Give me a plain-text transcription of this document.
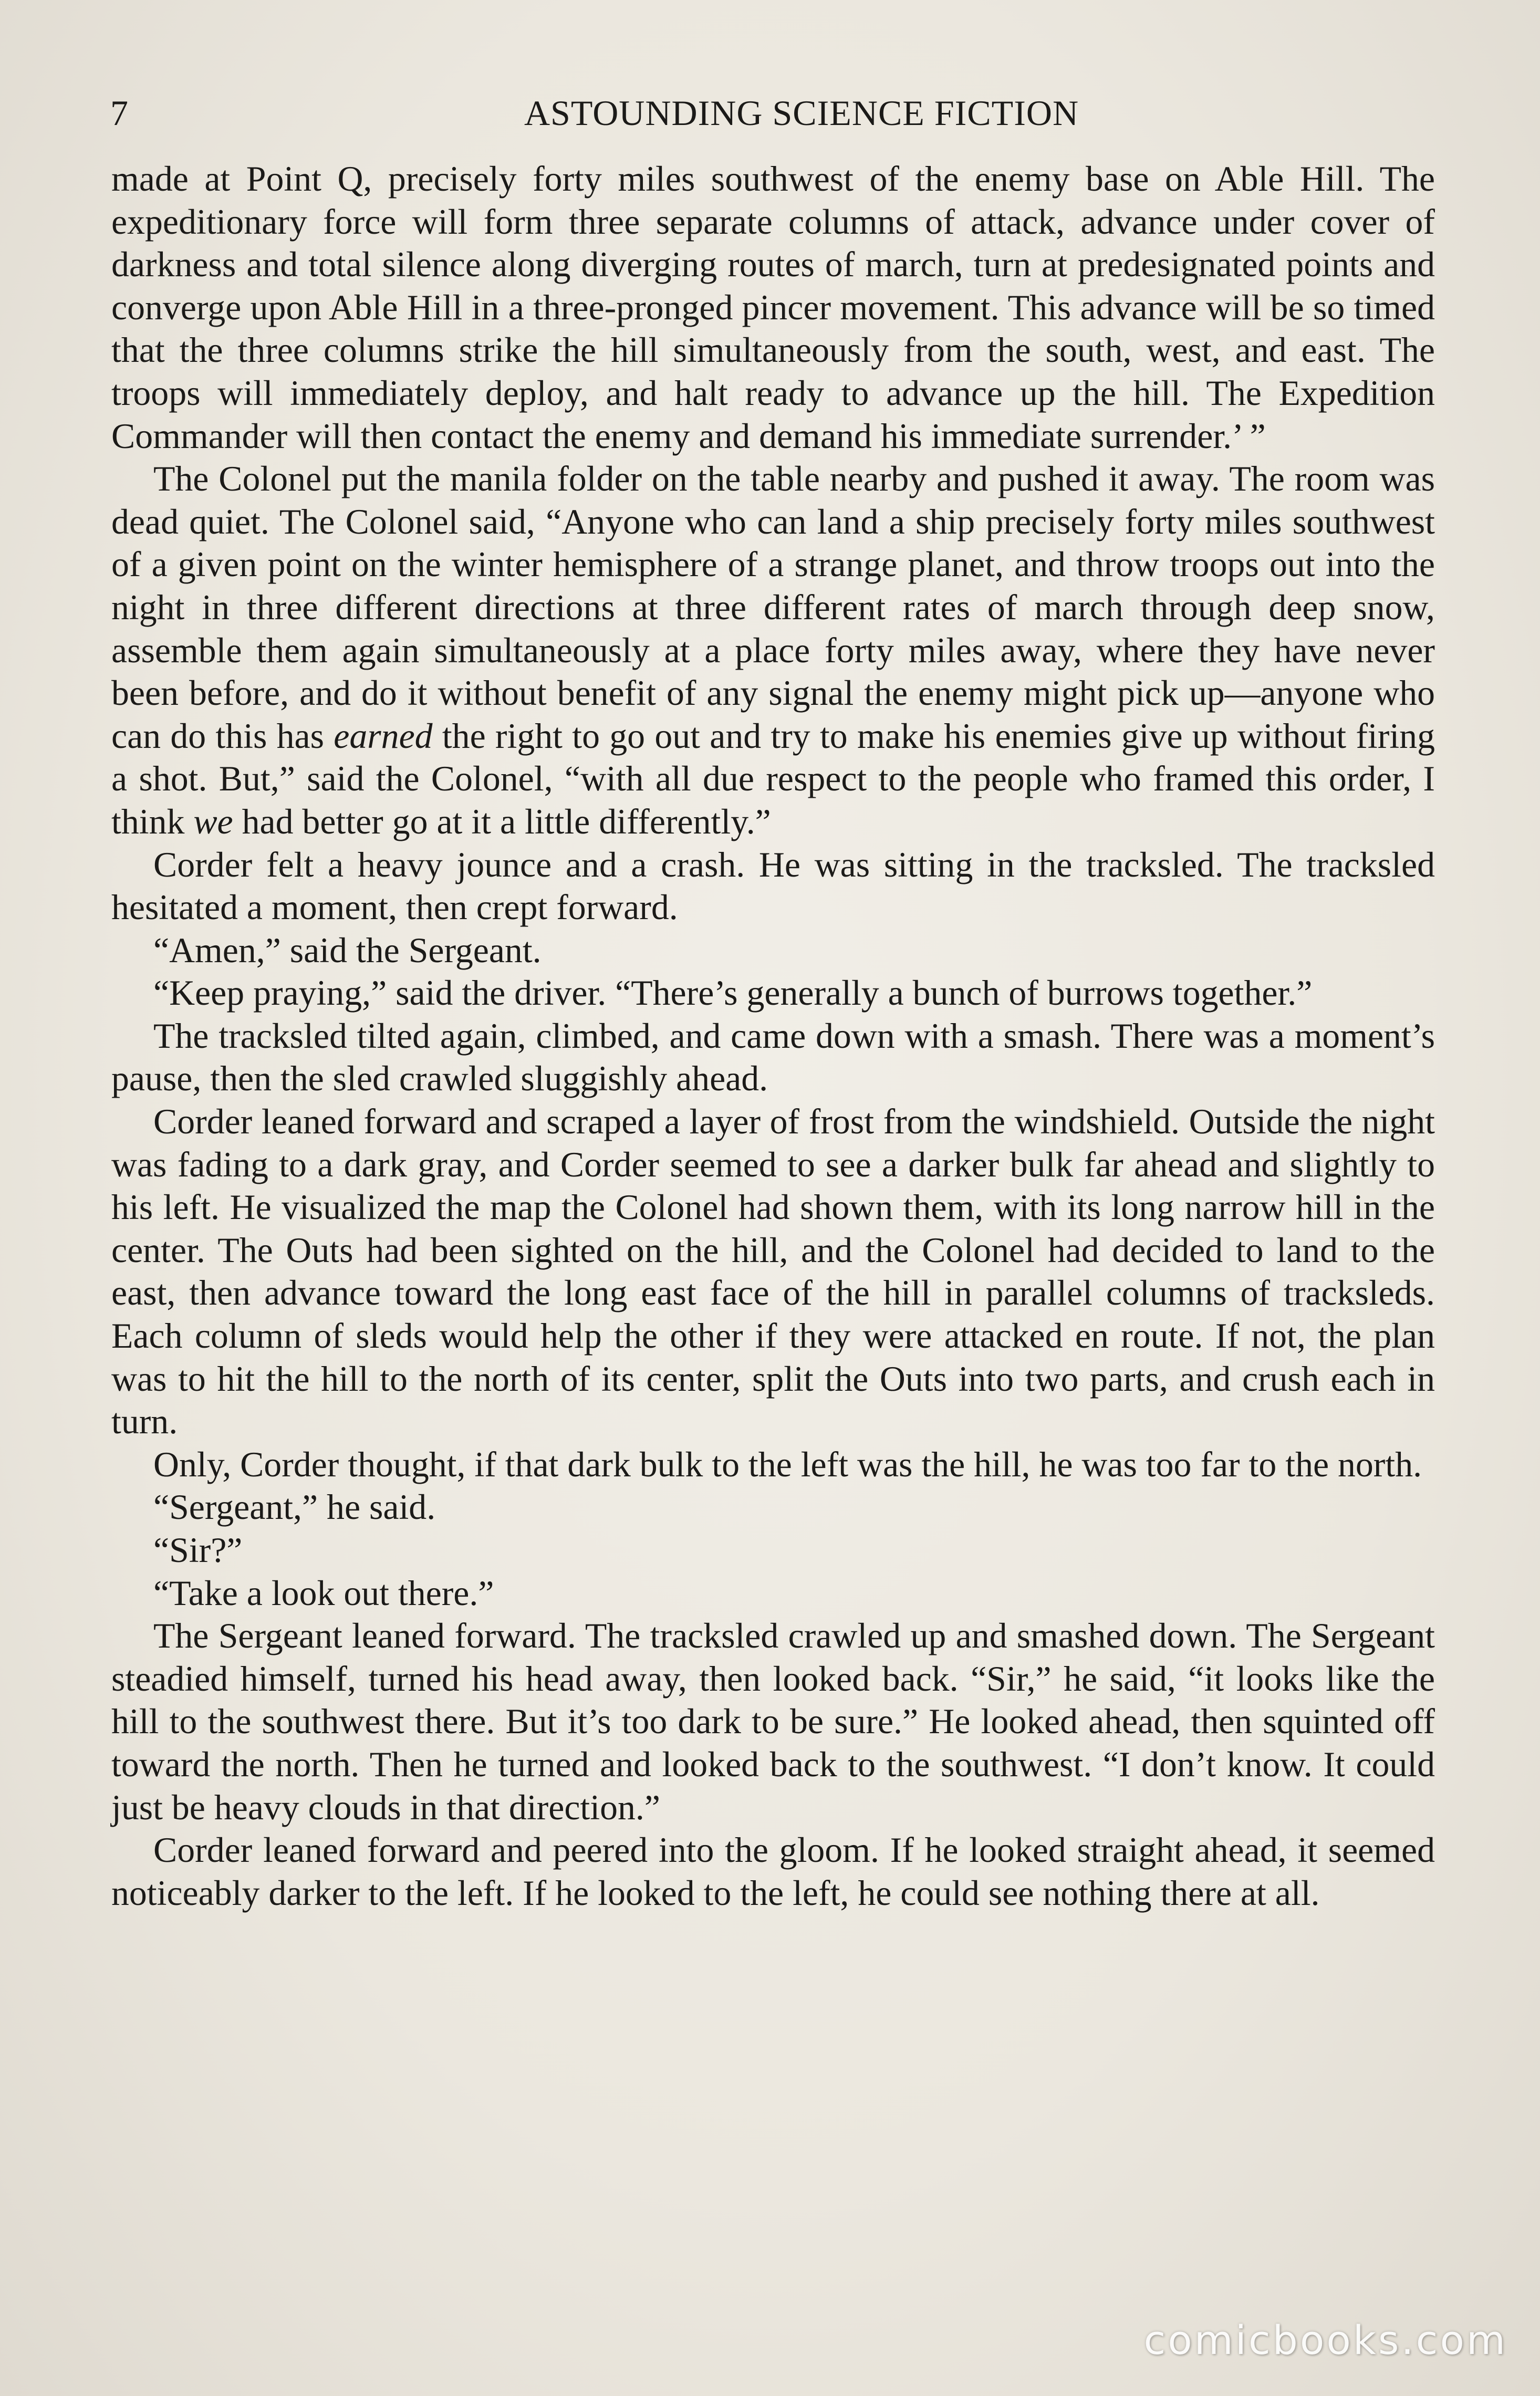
7	ASTOUNDING SCIENCE FICTION

made at Point Q, precisely forty miles southwest of the enemy base on Able Hill. The expeditionary force will form three separate columns of attack, advance under cover of darkness and total silence along diverging routes of march, turn at predesignated points and converge upon Able Hill in a three-pronged pincer movement. This advance will be so timed that the three columns strike the hill simultaneously from the south, west, and east. The troops will immediately deploy, and halt ready to advance up the hill. The Expedition Commander will then contact the enemy and demand his immediate surrender.’ ”

The Colonel put the manila folder on the table nearby and pushed it away. The room was dead quiet. The Colonel said, “Anyone who can land a ship precisely forty miles southwest of a given point on the winter hemisphere of a strange planet, and throw troops out into the night in three different directions at three different rates of march through deep snow, assemble them again simultaneously at a place forty miles away, where they have never been before, and do it without benefit of any signal the enemy might pick up—anyone who can do this has earned the right to go out and try to make his enemies give up without firing a shot. But,” said the Colonel, “with all due respect to the people who framed this order, I think we had better go at it a little differently.”

Corder felt a heavy jounce and a crash. He was sitting in the tracksled. The tracksled hesitated a moment, then crept forward.

“Amen,” said the Sergeant.

“Keep praying,” said the driver. “There’s generally a bunch of burrows together.”

The tracksled tilted again, climbed, and came down with a smash. There was a moment’s pause, then the sled crawled sluggishly ahead.

Corder leaned forward and scraped a layer of frost from the windshield. Outside the night was fading to a dark gray, and Corder seemed to see a darker bulk far ahead and slightly to his left. He visualized the map the Colonel had shown them, with its long narrow hill in the center. The Outs had been sighted on the hill, and the Colonel had decided to land to the east, then advance toward the long east face of the hill in parallel columns of tracksleds. Each column of sleds would help the other if they were attacked en route. If not, the plan was to hit the hill to the north of its center, split the Outs into two parts, and crush each in turn.

Only, Corder thought, if that dark bulk to the left was the hill, he was too far to the north.

“Sergeant,” he said.

“Sir?”

“Take a look out there.”

The Sergeant leaned forward. The tracksled crawled up and smashed down. The Sergeant steadied himself, turned his head away, then looked back. “Sir,” he said, “it looks like the hill to the southwest there. But it’s too dark to be sure.” He looked ahead, then squinted off toward the north. Then he turned and looked back to the southwest. “I don’t know. It could just be heavy clouds in that direction.”

Corder leaned forward and peered into the gloom. If he looked straight ahead, it seemed noticeably darker to the left. If he looked to the left, he could see nothing there at all.

comicbooks.com
